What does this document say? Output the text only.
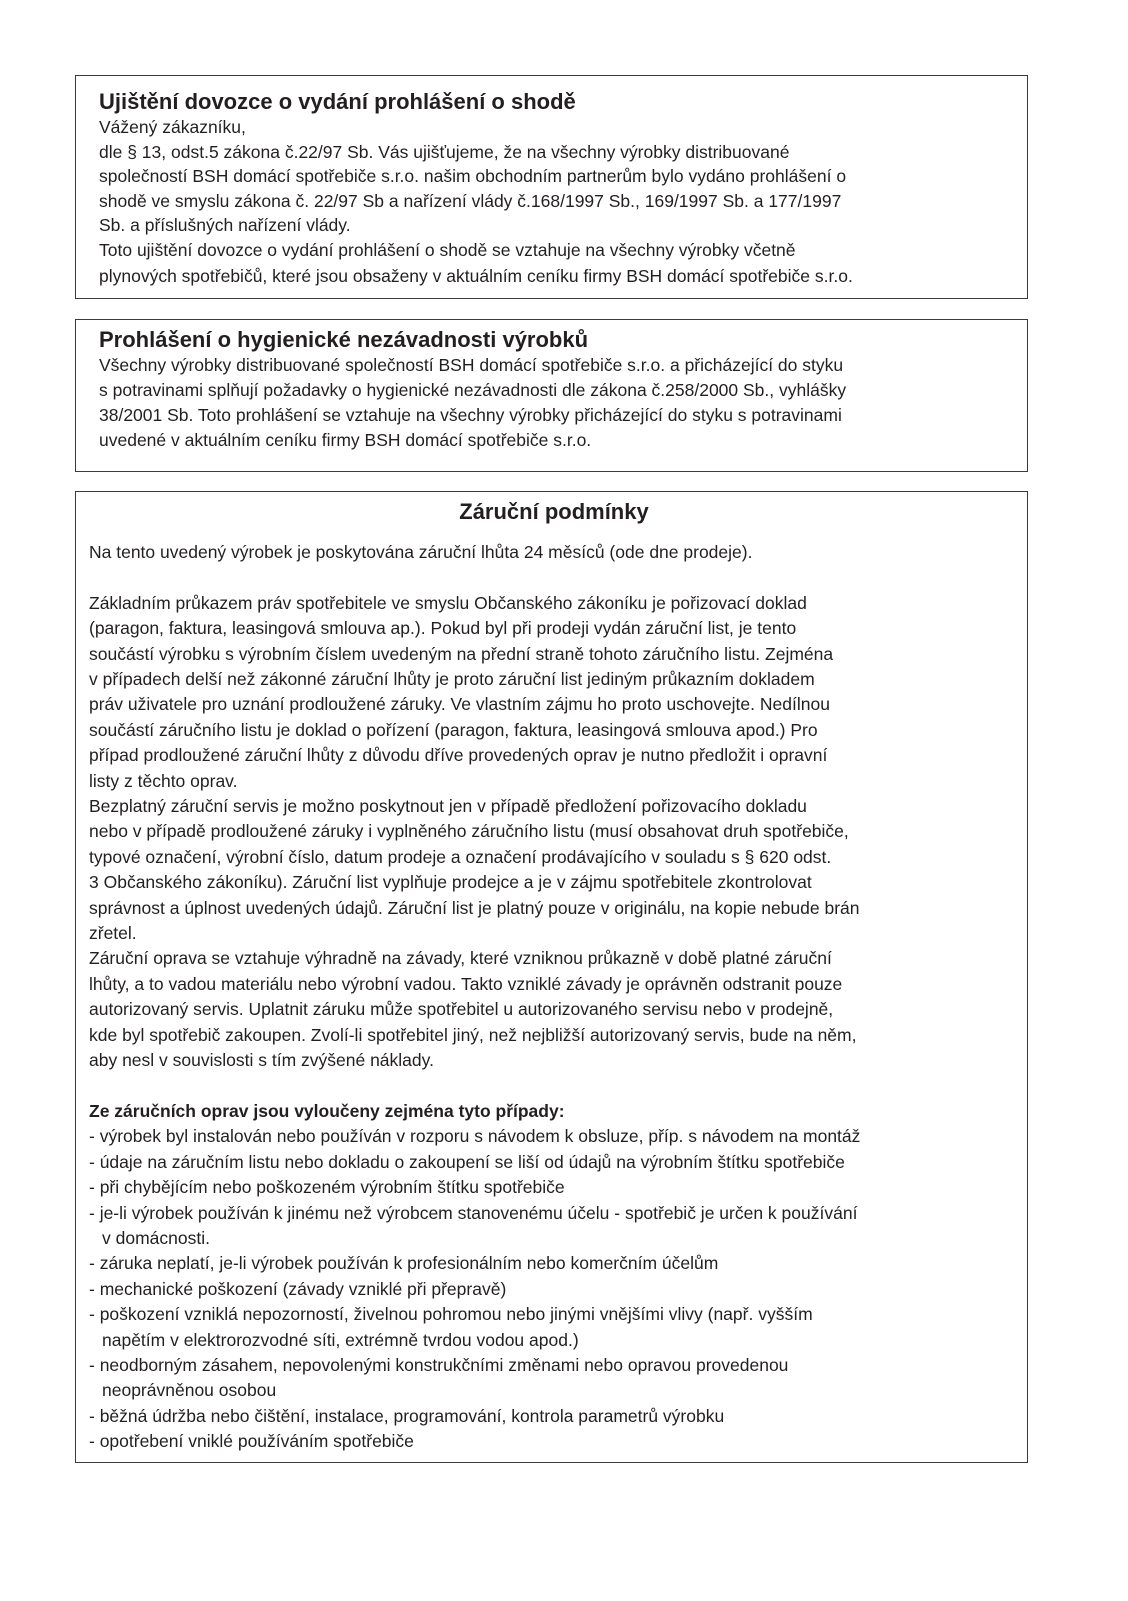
Ujištění dovozce o vydání prohlášení o shodě

Vážený zákazníku,

dle § 13, odst.5 zákona č.22/97 Sb. Vás ujišťujeme, že na všechny výrobky distribuované

společností BSH domácí spotřebiče s.r.o. našim obchodním partnerům bylo vydáno prohlášení o

shodě ve smyslu zákona č. 22/97 Sb a nařízení vlády č.168/1997 Sb., 169/1997 Sb. a 177/1997

Sb. a příslušných nařízení vlády.

Toto ujištění dovozce o vydání prohlášení o shodě se vztahuje na všechny výrobky včetně

plynových spotřebičů, které jsou obsaženy v aktuálním ceníku firmy BSH domácí spotřebiče s.r.o.

Prohlášení o hygienické nezávadnosti výrobků

Všechny výrobky distribuované společností BSH domácí spotřebiče s.r.o. a přicházející do styku

s potravinami splňují požadavky o hygienické nezávadnosti dle zákona č.258/2000 Sb., vyhlášky

38/2001 Sb. Toto prohlášení se vztahuje na všechny výrobky přicházející do styku s potravinami

uvedené v aktuálním ceníku firmy BSH domácí spotřebiče s.r.o.

Záruční podmínky

Na tento uvedený výrobek je poskytována záruční lhůta 24 měsíců (ode dne prodeje).

Základním průkazem práv spotřebitele ve smyslu Občanského zákoníku je pořizovací doklad

(paragon, faktura, leasingová smlouva ap.). Pokud byl při prodeji vydán záruční list, je tento

součástí výrobku s výrobním číslem uvedeným na přední straně tohoto záručního listu. Zejména

v případech delší než zákonné záruční lhůty je proto záruční list jediným průkazním dokladem

práv uživatele pro uznání prodloužené záruky. Ve vlastním zájmu ho proto uschovejte. Nedílnou

součástí záručního listu je doklad o pořízení (paragon, faktura, leasingová smlouva apod.) Pro

případ prodloužené záruční lhůty z důvodu dříve provedených oprav je nutno předložit i opravní

listy z těchto oprav.

Bezplatný záruční servis je možno poskytnout jen v případě předložení pořizovacího dokladu

nebo v případě prodloužené záruky i vyplněného záručního listu (musí obsahovat druh spotřebiče,

typové označení, výrobní číslo, datum prodeje a označení prodávajícího v souladu s § 620 odst.

3 Občanského zákoníku). Záruční list vyplňuje prodejce a je v zájmu spotřebitele zkontrolovat

správnost a úplnost uvedených údajů. Záruční list je platný pouze v originálu, na kopie nebude brán

zřetel.

Záruční oprava se vztahuje výhradně na závady, které vzniknou průkazně v době platné záruční

lhůty, a to vadou materiálu nebo výrobní vadou. Takto vzniklé závady je oprávněn odstranit pouze

autorizovaný servis. Uplatnit záruku může spotřebitel u autorizovaného servisu nebo v prodejně,

kde byl spotřebič zakoupen. Zvolí-li spotřebitel jiný, než nejbližší autorizovaný servis, bude na něm,

aby nesl v souvislosti s tím zvýšené náklady.

Ze záručních oprav jsou vyloučeny zejména tyto případy:

- výrobek byl instalován nebo používán v rozporu s návodem k obsluze, příp. s návodem na montáž

- údaje na záručním listu nebo dokladu o zakoupení se liší od údajů na výrobním štítku spotřebiče

- při chybějícím nebo poškozeném výrobním štítku spotřebiče

- je-li výrobek používán k jinému než výrobcem stanovenému účelu - spotřebič je určen k používání

v domácnosti.

- záruka neplatí, je-li výrobek používán k profesionálním nebo komerčním účelům

- mechanické poškození (závady vzniklé při přepravě)

- poškození vzniklá nepozorností, živelnou pohromou nebo jinými vnějšími vlivy (např. vyšším

napětím v elektrorozvodné síti, extrémně tvrdou vodou apod.)

- neodborným zásahem, nepovolenými konstrukčními změnami nebo opravou provedenou

neoprávněnou osobou

- běžná údržba nebo čištění, instalace, programování, kontrola parametrů výrobku

- opotřebení vniklé používáním spotřebiče
